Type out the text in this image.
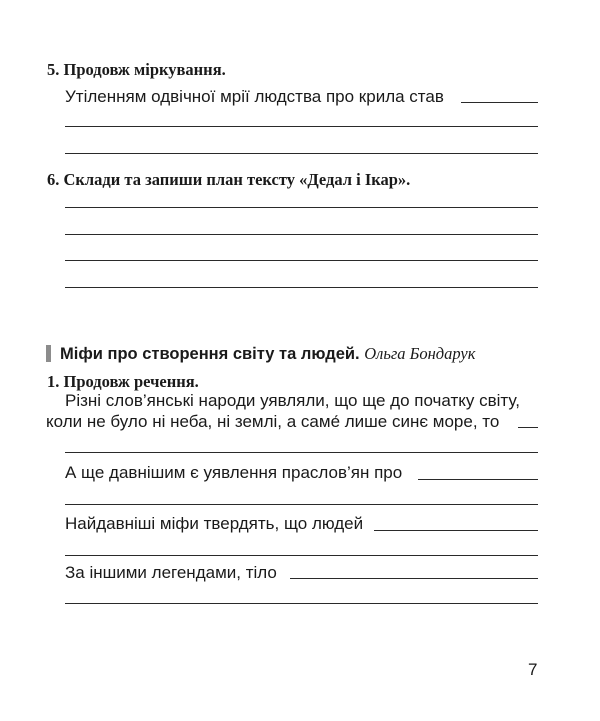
5. Продовж міркування.
Утіленням одвічної мрії людства про крила став
6. Склади та запиши план тексту «Дедал і Ікар».
Міфи про створення світу та людей. Ольга Бондарук
1. Продовж речення.
Різні слов’янські народи уявляли, що ще до початку світу,
коли не було ні неба, ні землі, а саме́ лише синє море, то
А ще давнішим є уявлення праслов’ян про
Найдавніші міфи твердять, що людей
За іншими легендами, тіло
7
